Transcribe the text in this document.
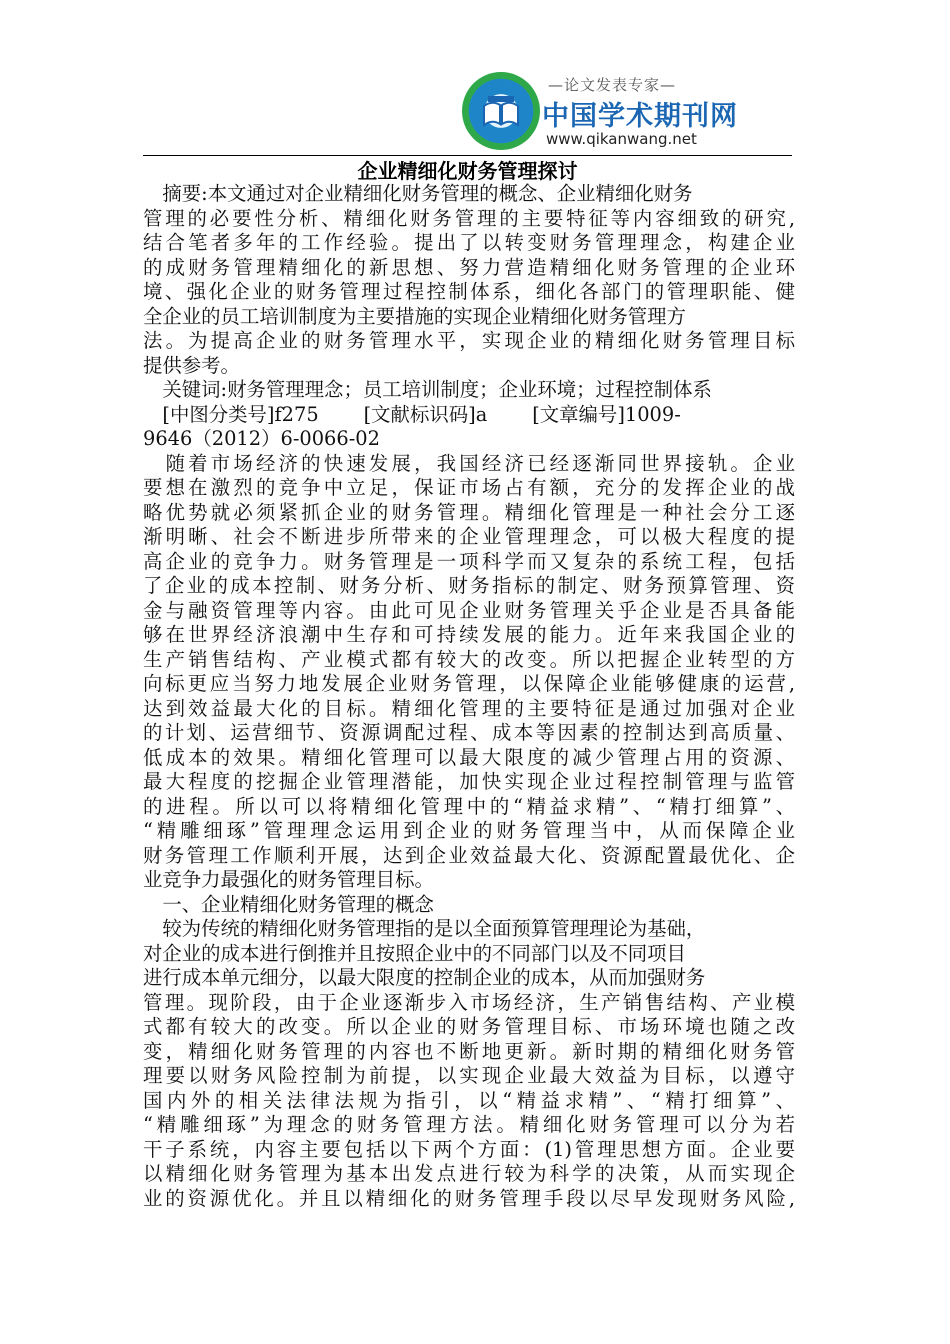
—论文发表专家—
中国学术期刊网
www.qikanwang.net
企业精细化财务管理探讨
　摘要:本文通过对企业精细化财务管理的概念、企业精细化财务
管理的必要性分析、精细化财务管理的主要特征等内容细致的研究,
结合笔者多年的工作经验。提出了以转变财务管理理念，构建企业
的成财务管理精细化的新思想、努力营造精细化财务管理的企业环
境、强化企业的财务管理过程控制体系，细化各部门的管理职能、健
全企业的员工培训制度为主要措施的实现企业精细化财务管理方
法。为提高企业的财务管理水平，实现企业的精细化财务管理目标
提供参考。
　关键词:财务管理理念；员工培训制度；企业环境；过程控制体系
　[中图分类号]f275　　 [文献标识码]a　　 [文章编号]1009-
9646（2012）6-0066-02
　随着市场经济的快速发展，我国经济已经逐渐同世界接轨。企业
要想在激烈的竞争中立足，保证市场占有额，充分的发挥企业的战
略优势就必须紧抓企业的财务管理。精细化管理是一种社会分工逐
渐明晰、社会不断进步所带来的企业管理理念，可以极大程度的提
高企业的竞争力。财务管理是一项科学而又复杂的系统工程，包括
了企业的成本控制、财务分析、财务指标的制定、财务预算管理、资
金与融资管理等内容。由此可见企业财务管理关乎企业是否具备能
够在世界经济浪潮中生存和可持续发展的能力。近年来我国企业的
生产销售结构、产业模式都有较大的改变。所以把握企业转型的方
向标更应当努力地发展企业财务管理，以保障企业能够健康的运营,
达到效益最大化的目标。精细化管理的主要特征是通过加强对企业
的计划、运营细节、资源调配过程、成本等因素的控制达到高质量、
低成本的效果。精细化管理可以最大限度的减少管理占用的资源、
最大程度的挖掘企业管理潜能，加快实现企业过程控制管理与监管
的进程。所以可以将精细化管理中的“精益求精”、“精打细算”、
“精雕细琢”管理理念运用到企业的财务管理当中，从而保障企业
财务管理工作顺利开展，达到企业效益最大化、资源配置最优化、企
业竞争力最强化的财务管理目标。
　一、企业精细化财务管理的概念
　较为传统的精细化财务管理指的是以全面预算管理理论为基础，
对企业的成本进行倒推并且按照企业中的不同部门以及不同项目
进行成本单元细分，以最大限度的控制企业的成本，从而加强财务
管理。现阶段，由于企业逐渐步入市场经济，生产销售结构、产业模
式都有较大的改变。所以企业的财务管理目标、市场环境也随之改
变，精细化财务管理的内容也不断地更新。新时期的精细化财务管
理要以财务风险控制为前提，以实现企业最大效益为目标，以遵守
国内外的相关法律法规为指引，以“精益求精”、“精打细算”、
“精雕细琢”为理念的财务管理方法。精细化财务管理可以分为若
干子系统，内容主要包括以下两个方面：(1)管理思想方面。企业要
以精细化财务管理为基本出发点进行较为科学的决策，从而实现企
业的资源优化。并且以精细化的财务管理手段以尽早发现财务风险,
